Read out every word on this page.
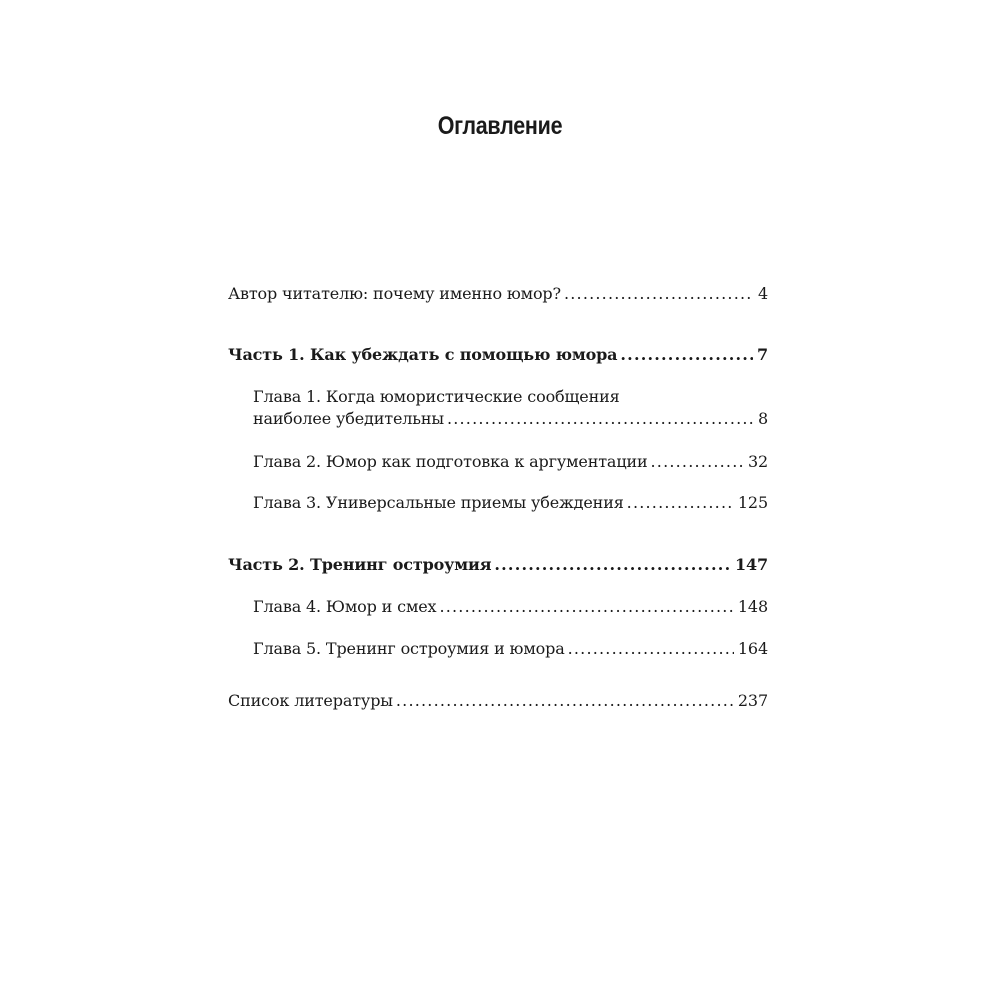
Оглавление
Автор читателю: почему именно юмор? .....	4
Часть 1. Как убеждать с помощью юмора .....	7
Глава 1. Когда юмористические сообщения
наиболее убедительны .....	8
Глава 2. Юмор как подготовка к аргументации .....	32
Глава 3. Универсальные приемы убеждения .....	125
Часть 2. Тренинг остроумия .....	147
Глава 4. Юмор и смех .....	148
Глава 5. Тренинг остроумия и юмора .....	164
Список литературы .....	237
